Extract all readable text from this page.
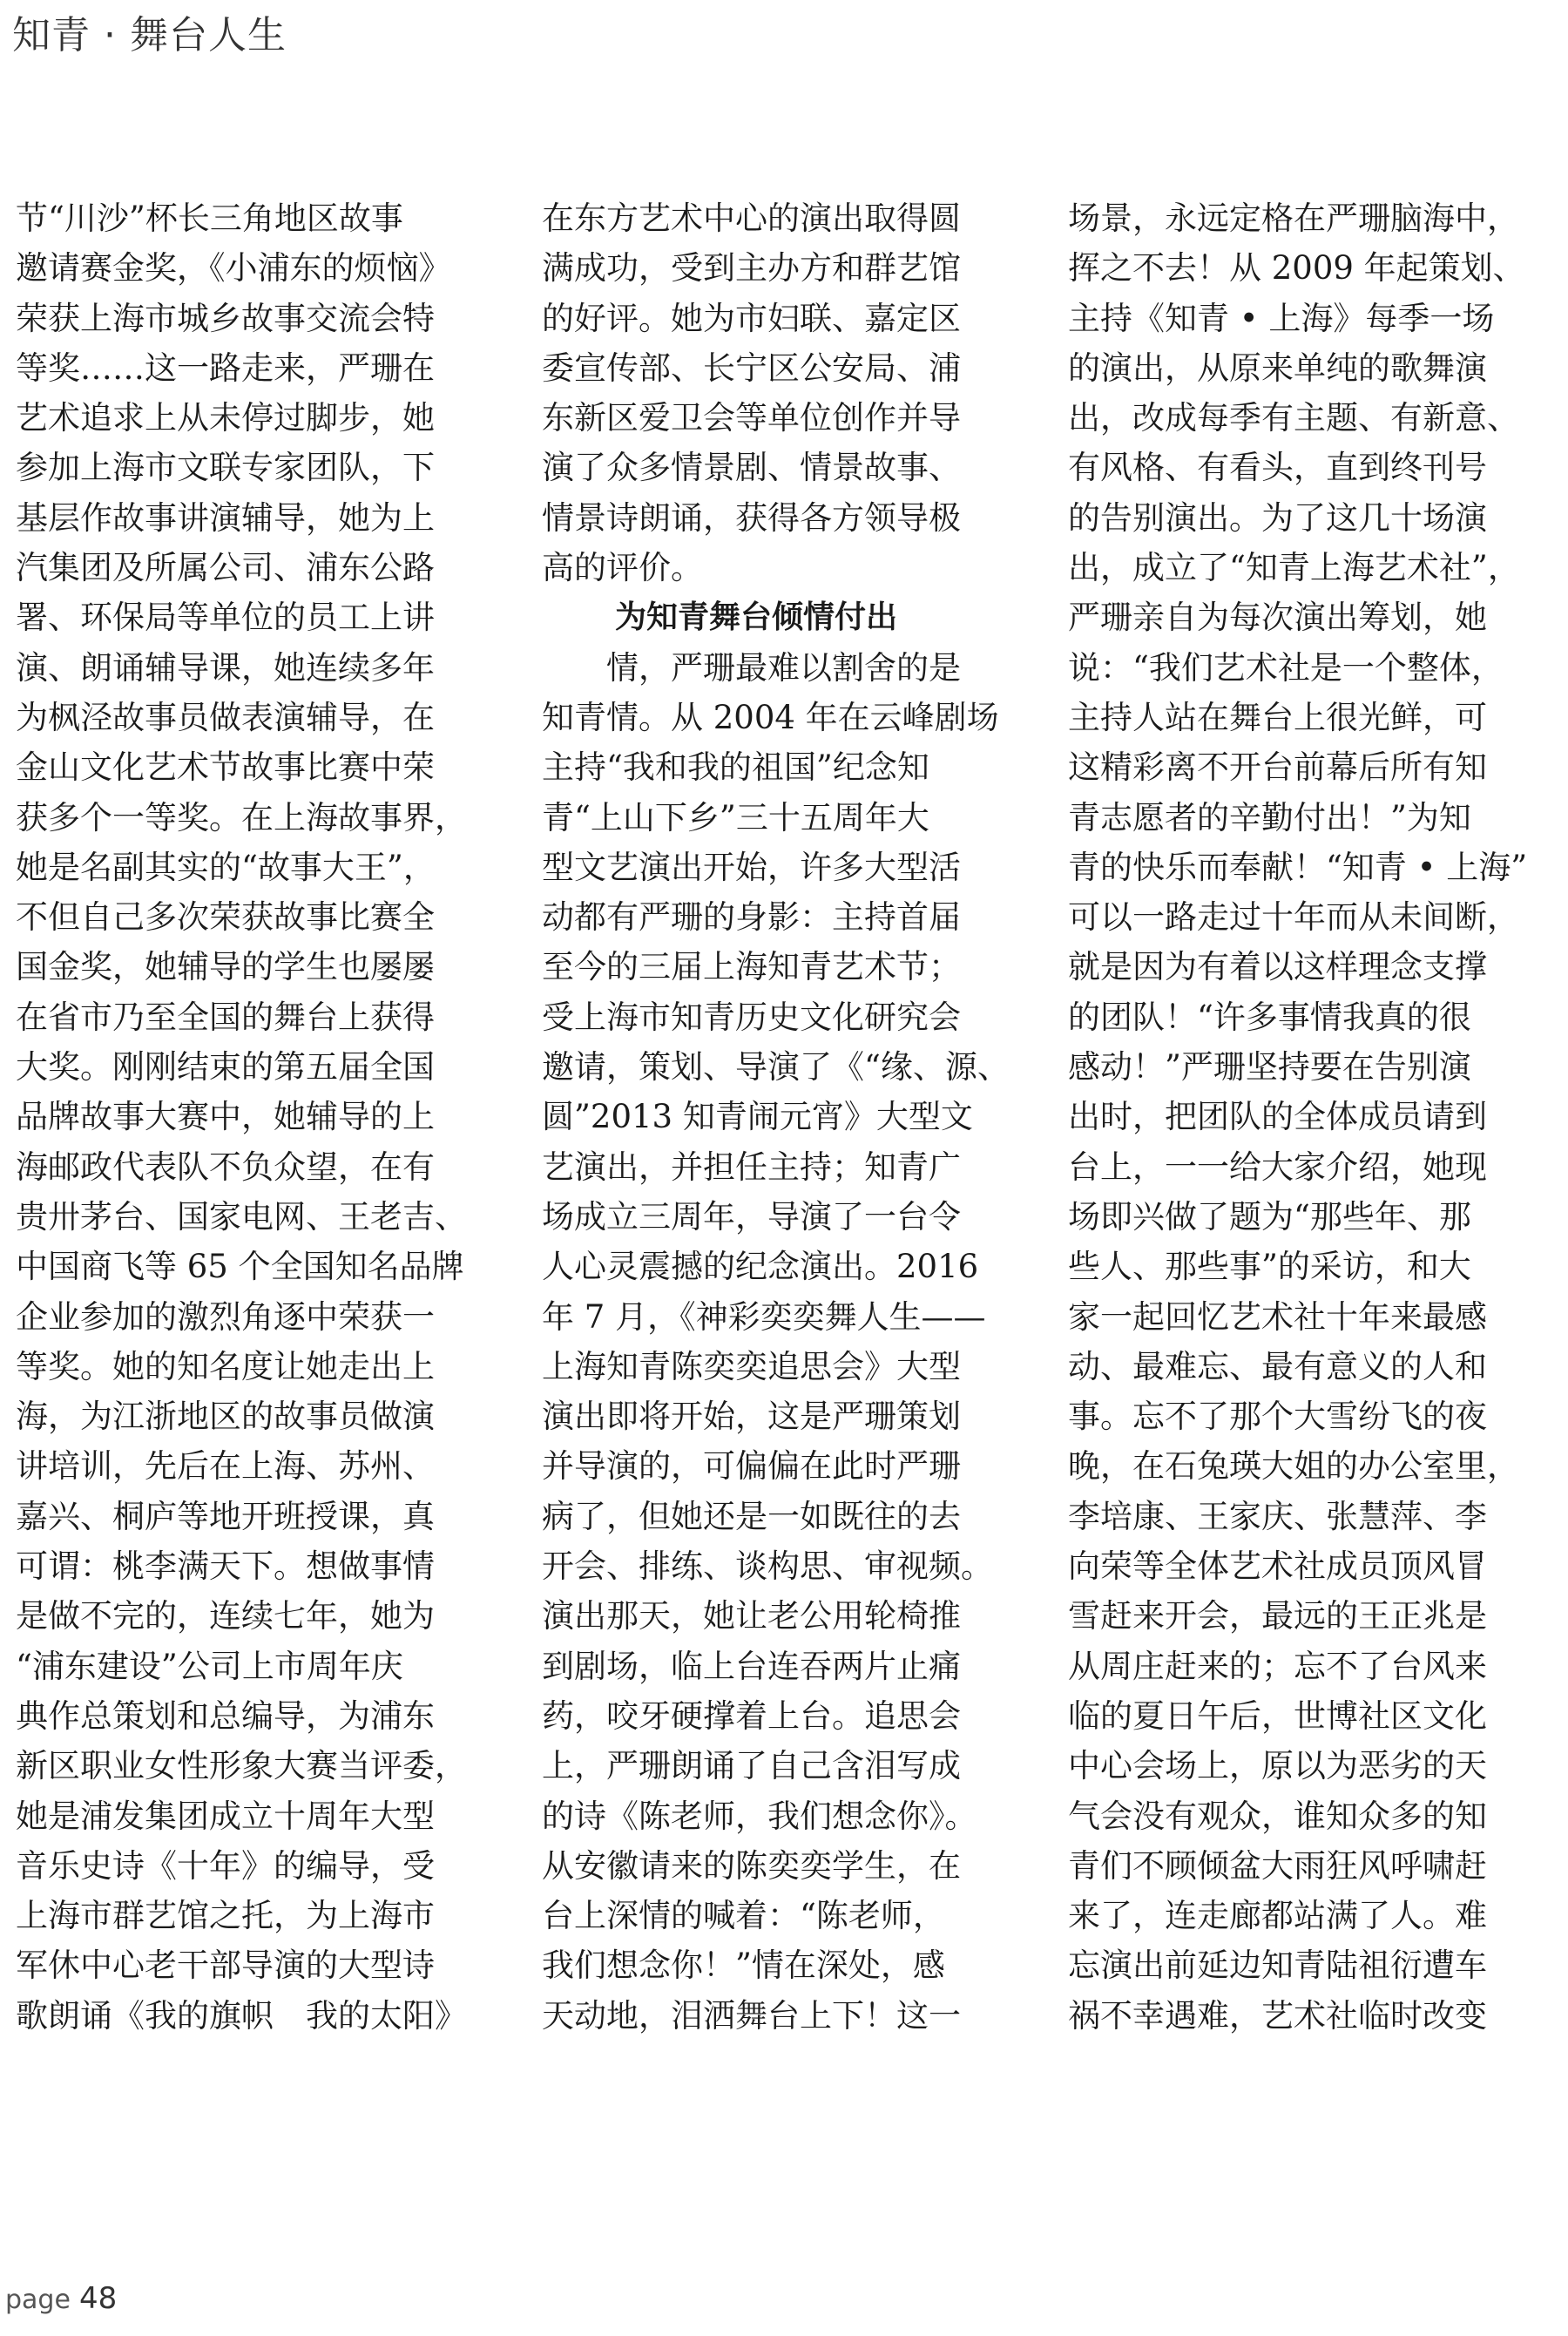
知青 · 舞台人生
节“川沙”杯长三角地区故事
邀请赛金奖，《小浦东的烦恼》
荣获上海市城乡故事交流会特
等奖……这一路走来，严珊在
艺术追求上从未停过脚步，她
参加上海市文联专家团队，下
基层作故事讲演辅导，她为上
汽集团及所属公司、浦东公路
署、环保局等单位的员工上讲
演、朗诵辅导课，她连续多年
为枫泾故事员做表演辅导，在
金山文化艺术节故事比赛中荣
获多个一等奖。在上海故事界，
她是名副其实的“故事大王”，
不但自己多次荣获故事比赛全
国金奖，她辅导的学生也屡屡
在省市乃至全国的舞台上获得
大奖。刚刚结束的第五届全国
品牌故事大赛中，她辅导的上
海邮政代表队不负众望，在有
贵卅茅台、国家电网、王老吉、
中国商飞等 65 个全国知名品牌
企业参加的激烈角逐中荣获一
等奖。她的知名度让她走出上
海，为江浙地区的故事员做演
讲培训，先后在上海、苏州、
嘉兴、桐庐等地开班授课，真
可谓：桃李满天下。想做事情
是做不完的，连续七年，她为
“浦东建设”公司上市周年庆
典作总策划和总编导，为浦东
新区职业女性形象大赛当评委，
她是浦发集团成立十周年大型
音乐史诗《十年》的编导，受
上海市群艺馆之托，为上海市
军休中心老干部导演的大型诗
歌朗诵《我的旗帜　我的太阳》
在东方艺术中心的演出取得圆
满成功，受到主办方和群艺馆
的好评。她为市妇联、嘉定区
委宣传部、长宁区公安局、浦
东新区爱卫会等单位创作并导
演了众多情景剧、情景故事、
情景诗朗诵，获得各方领导极
高的评价。
为知青舞台倾情付出
　　情，严珊最难以割舍的是
知青情。从 2004 年在云峰剧场
主持“我和我的祖国”纪念知
青“上山下乡”三十五周年大
型文艺演出开始，许多大型活
动都有严珊的身影：主持首届
至今的三届上海知青艺术节；
受上海市知青历史文化研究会
邀请，策划、导演了《“缘、源、
圆”2013 知青闹元宵》大型文
艺演出，并担任主持；知青广
场成立三周年，导演了一台令
人心灵震撼的纪念演出。2016
年 7 月，《神彩奕奕舞人生——
上海知青陈奕奕追思会》大型
演出即将开始，这是严珊策划
并导演的，可偏偏在此时严珊
病了，但她还是一如既往的去
开会、排练、谈构思、审视频。
演出那天，她让老公用轮椅推
到剧场，临上台连吞两片止痛
药，咬牙硬撑着上台。追思会
上，严珊朗诵了自己含泪写成
的诗《陈老师，我们想念你》。
从安徽请来的陈奕奕学生，在
台上深情的喊着：“陈老师，
我们想念你！”情在深处，感
天动地，泪洒舞台上下！这一
场景，永远定格在严珊脑海中，
挥之不去！从 2009 年起策划、
主持《知青 • 上海》每季一场
的演出，从原来单纯的歌舞演
出，改成每季有主题、有新意、
有风格、有看头，直到终刊号
的告别演出。为了这几十场演
出，成立了“知青上海艺术社”，
严珊亲自为每次演出筹划，她
说：“我们艺术社是一个整体，
主持人站在舞台上很光鲜，可
这精彩离不开台前幕后所有知
青志愿者的辛勤付出！”为知
青的快乐而奉献！“知青 • 上海”
可以一路走过十年而从未间断，
就是因为有着以这样理念支撑
的团队！“许多事情我真的很
感动！”严珊坚持要在告别演
出时，把团队的全体成员请到
台上，一一给大家介绍，她现
场即兴做了题为“那些年、那
些人、那些事”的采访，和大
家一起回忆艺术社十年来最感
动、最难忘、最有意义的人和
事。忘不了那个大雪纷飞的夜
晚，在石兔瑛大姐的办公室里，
李培康、王家庆、张慧萍、李
向荣等全体艺术社成员顶风冒
雪赶来开会，最远的王正兆是
从周庄赶来的；忘不了台风来
临的夏日午后，世博社区文化
中心会场上，原以为恶劣的天
气会没有观众，谁知众多的知
青们不顾倾盆大雨狂风呼啸赶
来了，连走廊都站满了人。难
忘演出前延边知青陆祖衍遭车
祸不幸遇难，艺术社临时改变
page 48
